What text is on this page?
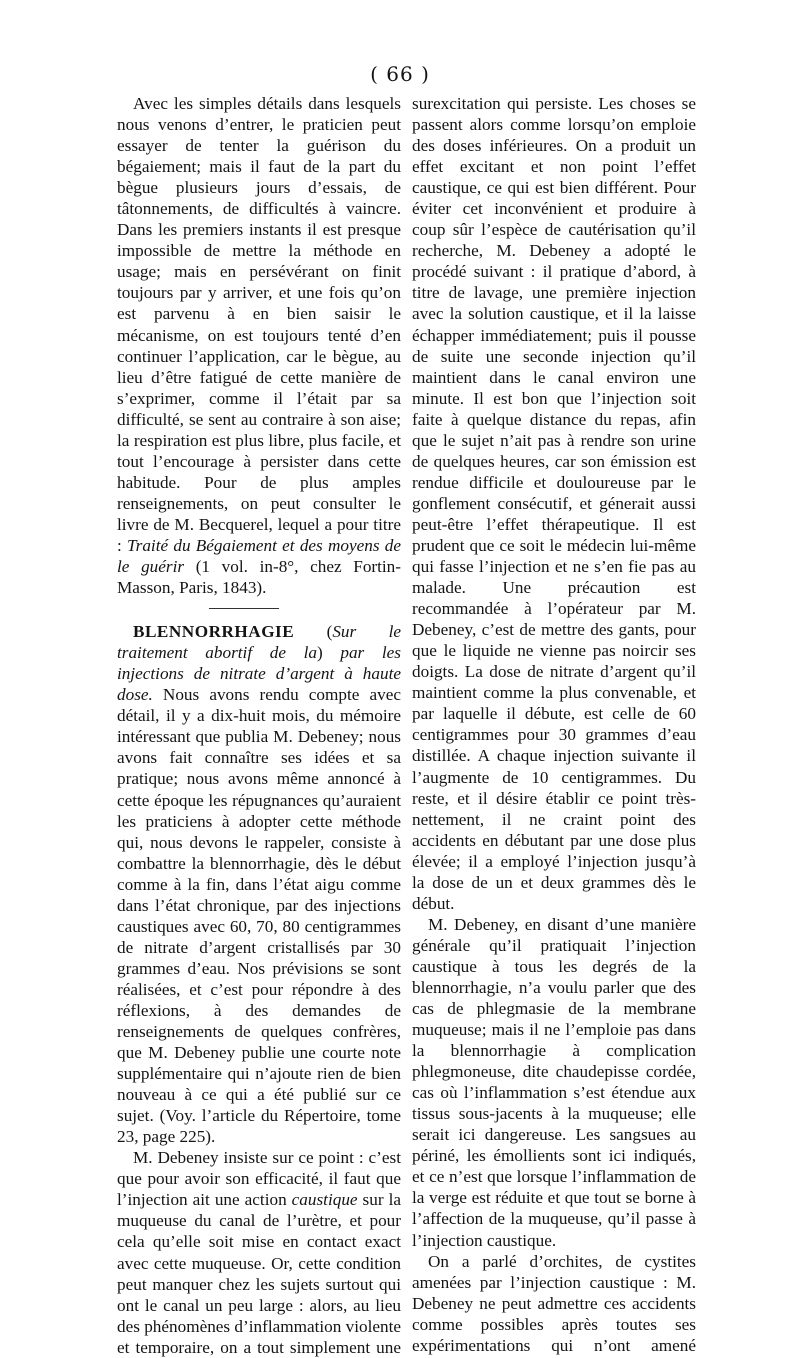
( 66 )

Avec les simples détails dans lesquels nous venons d’entrer, le praticien peut essayer de tenter la guérison du bégaiement; mais il faut de la part du bègue plusieurs jours d’essais, de tâtonnements, de difficultés à vaincre. Dans les premiers instants il est presque impossible de mettre la méthode en usage; mais en persévérant on finit toujours par y arriver, et une fois qu’on est parvenu à en bien saisir le mécanisme, on est toujours tenté d’en continuer l’application, car le bègue, au lieu d’être fatigué de cette manière de s’exprimer, comme il l’était par sa difficulté, se sent au contraire à son aise; la respiration est plus libre, plus facile, et tout l’encourage à persister dans cette habitude. Pour de plus amples renseignements, on peut consulter le livre de M. Becquerel, lequel a pour titre : Traité du Bégaiement et des moyens de le guérir (1 vol. in-8°, chez Fortin-Masson, Paris, 1843).

BLENNORRHAGIE (Sur le traitement abortif de la) par les injections de nitrate d’argent à haute dose. Nous avons rendu compte avec détail, il y a dix-huit mois, du mémoire intéressant que publia M. Debeney; nous avons fait connaître ses idées et sa pratique; nous avons même annoncé à cette époque les répugnances qu’auraient les praticiens à adopter cette méthode qui, nous devons le rappeler, consiste à combattre la blennorrhagie, dès le début comme à la fin, dans l’état aigu comme dans l’état chronique, par des injections caustiques avec 60, 70, 80 centigrammes de nitrate d’argent cristallisés par 30 grammes d’eau. Nos prévisions se sont réalisées, et c’est pour répondre à des réflexions, à des demandes de renseignements de quelques confrères, que M. Debeney publie une courte note supplémentaire qui n’ajoute rien de bien nouveau à ce qui a été publié sur ce sujet. (Voy. l’article du Répertoire, tome 23, page 225).

M. Debeney insiste sur ce point : c’est que pour avoir son efficacité, il faut que l’injection ait une action caustique sur la muqueuse du canal de l’urètre, et pour cela qu’elle soit mise en contact exact avec cette muqueuse. Or, cette condition peut manquer chez les sujets surtout qui ont le canal un peu large : alors, au lieu des phénomènes d’inflammation violente et temporaire, on a tout simplement une

surexcitation qui persiste. Les choses se passent alors comme lorsqu’on emploie des doses inférieures. On a produit un effet excitant et non point l’effet caustique, ce qui est bien différent. Pour éviter cet inconvénient et produire à coup sûr l’espèce de cautérisation qu’il recherche, M. Debeney a adopté le procédé suivant : il pratique d’abord, à titre de lavage, une première injection avec la solution caustique, et il la laisse échapper immédiatement; puis il pousse de suite une seconde injection qu’il maintient dans le canal environ une minute. Il est bon que l’injection soit faite à quelque distance du repas, afin que le sujet n’ait pas à rendre son urine de quelques heures, car son émission est rendue difficile et douloureuse par le gonflement consécutif, et génerait aussi peut-être l’effet thérapeutique. Il est prudent que ce soit le médecin lui-même qui fasse l’injection et ne s’en fie pas au malade. Une précaution est recommandée à l’opérateur par M. Debeney, c’est de mettre des gants, pour que le liquide ne vienne pas noircir ses doigts. La dose de nitrate d’argent qu’il maintient comme la plus convenable, et par laquelle il débute, est celle de 60 centigrammes pour 30 grammes d’eau distillée. A chaque injection suivante il l’augmente de 10 centigrammes. Du reste, et il désire établir ce point très-nettement, il ne craint point des accidents en débutant par une dose plus élevée; il a employé l’injection jusqu’à la dose de un et deux grammes dès le début.

M. Debeney, en disant d’une manière générale qu’il pratiquait l’injection caustique à tous les degrés de la blennorrhagie, n’a voulu parler que des cas de phlegmasie de la membrane muqueuse; mais il ne l’emploie pas dans la blennorrhagie à complication phlegmoneuse, dite chaudepisse cordée, cas où l’inflammation s’est étendue aux tissus sous-jacents à la muqueuse; elle serait ici dangereuse. Les sangsues au périné, les émollients sont ici indiqués, et ce n’est que lorsque l’inflammation de la verge est réduite et que tout se borne à l’affection de la muqueuse, qu’il passe à l’injection caustique.

On a parlé d’orchites, de cystites amenées par l’injection caustique : M. Debeney ne peut admettre ces accidents comme possibles après toutes ses expérimentations qui n’ont amené
